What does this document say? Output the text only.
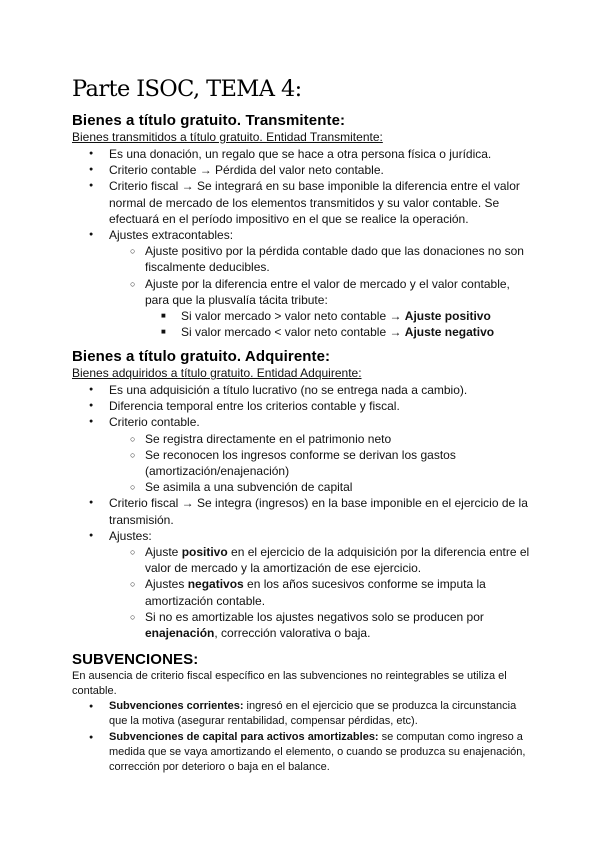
Parte ISOC, TEMA 4:
Bienes a título gratuito. Transmitente:
Bienes transmitidos a título gratuito. Entidad Transmitente:
● Es una donación, un regalo que se hace a otra persona física o jurídica.
● Criterio contable → Pérdida del valor neto contable.
● Criterio fiscal → Se integrará en su base imponible la diferencia entre el valor normal de mercado de los elementos transmitidos y su valor contable. Se efectuará en el período impositivo en el que se realice la operación.
● Ajustes extracontables:
○ Ajuste positivo por la pérdida contable dado que las donaciones no son fiscalmente deducibles.
○ Ajuste por la diferencia entre el valor de mercado y el valor contable, para que la plusvalía tácita tribute:
■ Si valor mercado > valor neto contable → Ajuste positivo
■ Si valor mercado < valor neto contable → Ajuste negativo
Bienes a título gratuito. Adquirente:
Bienes adquiridos a título gratuito. Entidad Adquirente:
● Es una adquisición a título lucrativo (no se entrega nada a cambio).
● Diferencia temporal entre los criterios contable y fiscal.
● Criterio contable.
○ Se registra directamente en el patrimonio neto
○ Se reconocen los ingresos conforme se derivan los gastos (amortización/enajenación)
○ Se asimila a una subvención de capital
● Criterio fiscal → Se integra (ingresos) en la base imponible en el ejercicio de la transmisión.
● Ajustes:
○ Ajuste positivo en el ejercicio de la adquisición por la diferencia entre el valor de mercado y la amortización de ese ejercicio.
○ Ajustes negativos en los años sucesivos conforme se imputa la amortización contable.
○ Si no es amortizable los ajustes negativos solo se producen por enajenación, corrección valorativa o baja.
SUBVENCIONES:
En ausencia de criterio fiscal específico en las subvenciones no reintegrables se utiliza el contable.
● Subvenciones corrientes: ingresó en el ejercicio que se produzca la circunstancia que la motiva (asegurar rentabilidad, compensar pérdidas, etc).
● Subvenciones de capital para activos amortizables: se computan como ingreso a medida que se vaya amortizando el elemento, o cuando se produzca su enajenación, corrección por deterioro o baja en el balance.
